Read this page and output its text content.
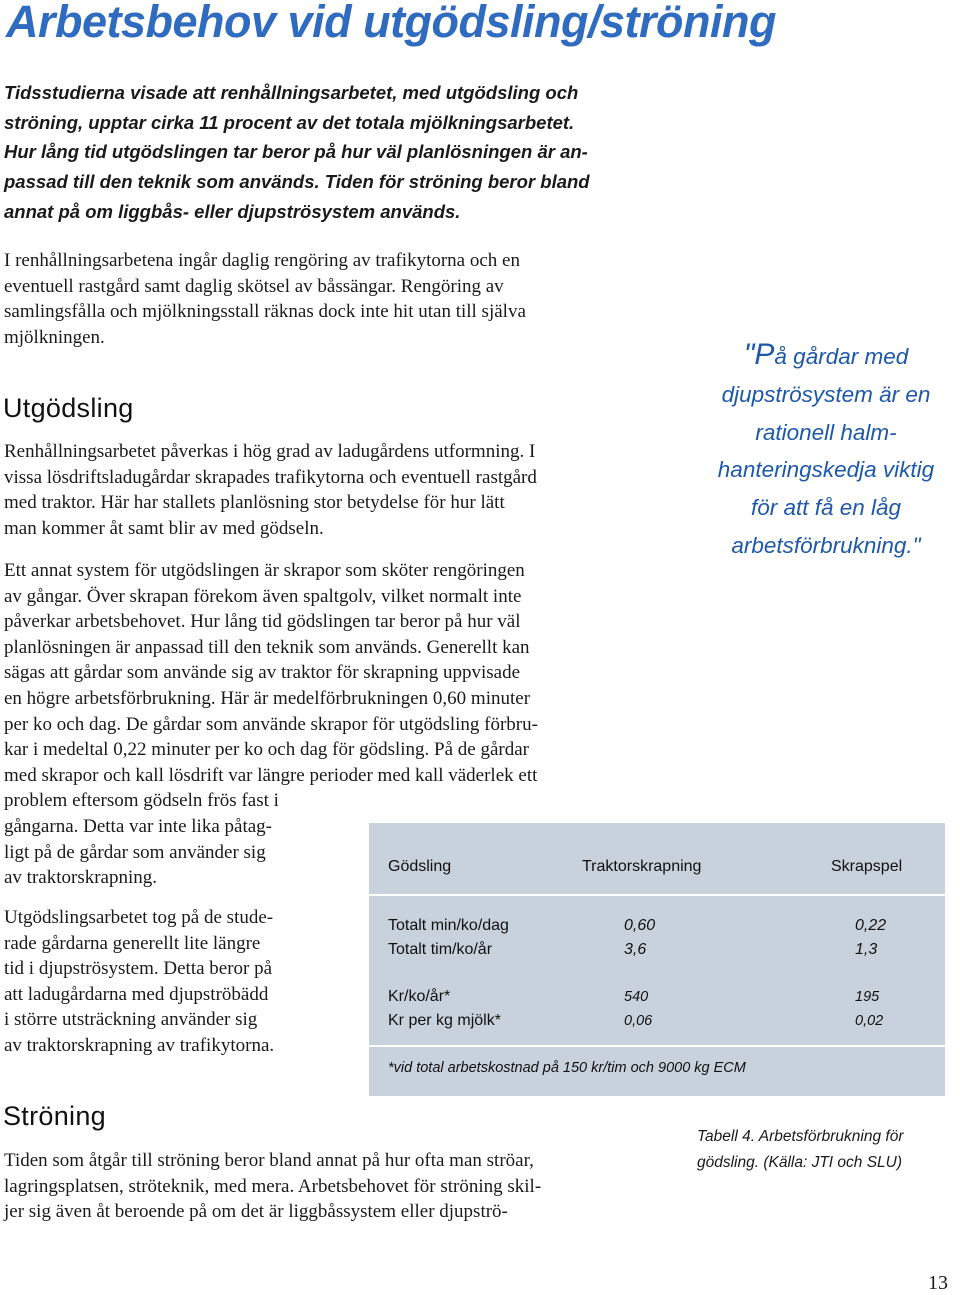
Arbetsbehov vid utgödsling/ströning
Tidsstudierna visade att renhållningsarbetet, med utgödsling och
ströning, upptar cirka 11 procent av det totala mjölkningsarbetet.
Hur lång tid utgödslingen tar beror på hur väl planlösningen är an-
passad till den teknik som används. Tiden för ströning beror bland
annat på om liggbås- eller djupströsystem används.

I renhållningsarbetena ingår daglig rengöring av trafikytorna och en
eventuell rastgård samt daglig skötsel av båssängar. Rengöring av
samlingsfålla och mjölkningsstall räknas dock inte hit utan till själva
mjölkningen.

Utgödsling

Renhållningsarbetet påverkas i hög grad av ladugårdens utformning. I
vissa lösdriftsladugårdar skrapades trafikytorna och eventuell rastgård
med traktor. Här har stallets planlösning stor betydelse för hur lätt
man kommer åt samt blir av med gödseln.

Ett annat system för utgödslingen är skrapor som sköter rengöringen
av gångar. Över skrapan förekom även spaltgolv, vilket normalt inte
påverkar arbetsbehovet. Hur lång tid gödslingen tar beror på hur väl
planlösningen är anpassad till den teknik som används. Generellt kan
sägas att gårdar som använde sig av traktor för skrapning uppvisade
en högre arbetsförbrukning. Här är medelförbrukningen 0,60 minuter
per ko och dag. De gårdar som använde skrapor för utgödsling förbru-
kar i medeltal 0,22 minuter per ko och dag för gödsling. På de gårdar
med skrapor och kall lösdrift var längre perioder med kall väderlek ett
problem eftersom gödseln frös fast i
gångarna. Detta var inte lika påtag-
ligt på de gårdar som använder sig
av traktorskrapning.

Utgödslingsarbetet tog på de stude-
rade gårdarna generellt lite längre
tid i djupströsystem. Detta beror på
att ladugårdarna med djupströbädd
i större utsträckning använder sig
av traktorskrapning av trafikytorna.

Ströning

Tiden som åtgår till ströning beror bland annat på hur ofta man ströar,
lagringsplatsen, ströteknik, med mera. Arbetsbehovet för ströning skil-
jer sig även åt beroende på om det är liggbåssystem eller djupströ-

"På gårdar med
djupströsystem är en
rationell halm-
hanteringskedja viktig
för att få en låg
arbetsförbrukning."
Gödsling	Traktorskrapning	Skrapspel
Totalt min/ko/dag	0,60	0,22
Totalt tim/ko/år	3,6	1,3
Kr/ko/år*	540	195
Kr per kg mjölk*	0,06	0,02
*vid total arbetskostnad på 150 kr/tim och 9000 kg ECM
Tabell 4. Arbetsförbrukning för
gödsling. (Källa: JTI och SLU)
13
